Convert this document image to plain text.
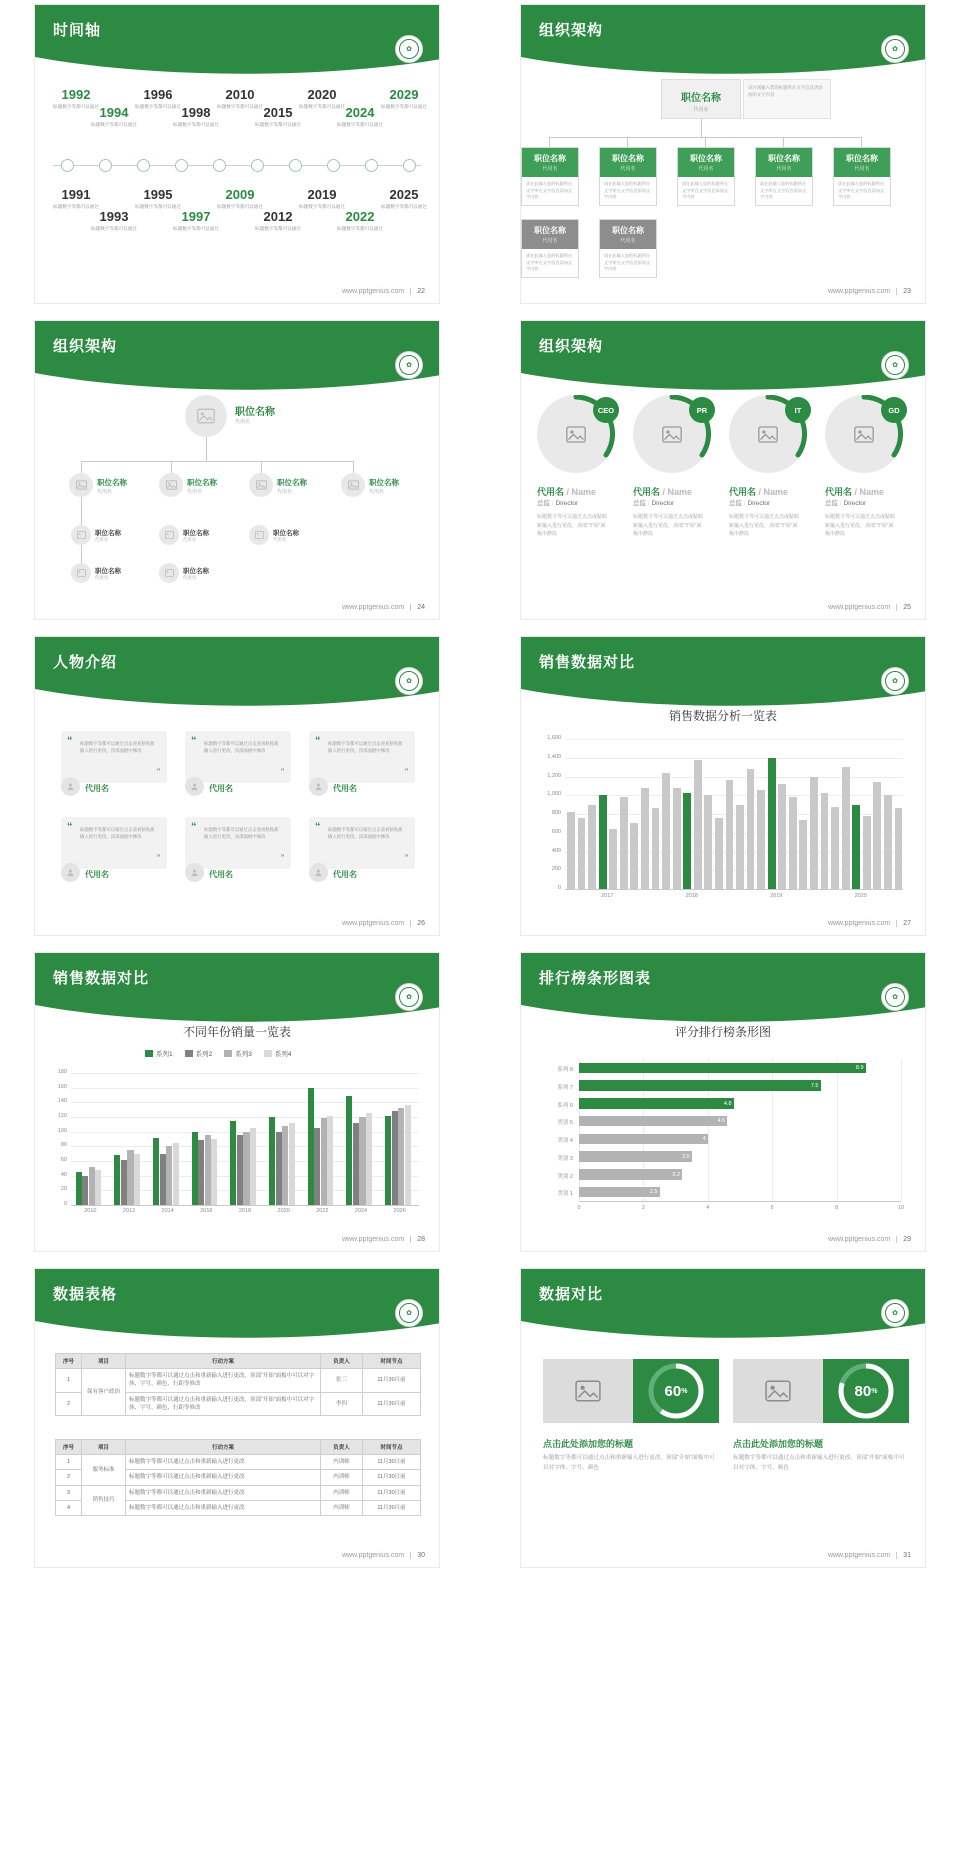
时间轴
✿
1992
标题数字等都可以通过 1994
标题数字等都可以通过
1996
标题数字等都可以通过 1998
标题数字等都可以通过
2010
标题数字等都可以通过 2015
标题数字等都可以通过
2020
标题数字等都可以通过 2024
标题数字等都可以通过
2029
标题数字等都可以通过
1991
标题数字等都可以通过
1993
标题数字等都可以通过
1995
标题数字等都可以通过
1997
标题数字等都可以通过
2009
标题数字等都可以通过
2012
标题数字等都可以通过
2019
标题数字等都可以通过
2022
标题数字等都可以通过
2025
标题数字等都可以通过
www.pptgenius.com	22
组织架构
✿
职位名称
代用名
该区域输入您的标题所在文字信息请添加的文字内容
职位名称
代用名
请在此输入您的标题所在文字所在文字信息添加文字内容
职位名称
代用名
请在此输入您的标题所在文字所在文字信息添加文字内容
职位名称
代用名
请在此输入您的标题所在文字所在文字信息添加文字内容
职位名称
代用名
请在此输入您的标题所在文字所在文字信息添加文字内容
职位名称
代用名
请在此输入您的标题所在文字所在文字信息添加文字内容
职位名称
代用名
请在此输入您的标题所在文字所在文字信息添加文字内容
职位名称
代用名
请在此输入您的标题所在文字所在文字信息添加文字内容
www.pptgenius.com	23
组织架构
✿
职位名称
代用名
职位名称
代用名
职位名称
代用名
职位名称
代用名
职位名称
代用名
职位名称
代用名
职位名称
代用名
职位名称
代用名
职位名称
代用名
职位名称
代用名
www.pptgenius.com	24
组织架构
✿
CEO
代用名 / Name
总监 / Director
标题数字等可以通过点击或粘贴新输入进行更改，顶部“开始”面板中修改
PR
代用名 / Name
总监 / Director
标题数字等可以通过点击或粘贴新输入进行更改，顶部“开始”面板中修改
IT
代用名 / Name
总监 / Director
标题数字等可以通过点击或粘贴新输入进行更改，顶部“开始”面板中修改
GD
代用名 / Name
总监 / Director
标题数字等可以通过点击或粘贴新输入进行更改，顶部“开始”面板中修改
www.pptgenius.com	25
人物介绍
✿
“	标题数字等都可以通过点击查看粘贴新输入进行更改，顶部面板中修改
”
代用名
“	标题数字等都可以通过点击查看粘贴新输入进行更改，顶部面板中修改
”
代用名
“	标题数字等都可以通过点击查看粘贴新输入进行更改，顶部面板中修改
”
代用名
“	标题数字等都可以通过点击查看粘贴新输入进行更改，顶部面板中修改
”
代用名
“	标题数字等都可以通过点击查看粘贴新输入进行更改，顶部面板中修改
”
代用名
“	标题数字等都可以通过点击查看粘贴新输入进行更改，顶部面板中修改
”
代用名
www.pptgenius.com	26
销售数据对比
✿
销售数据分析一览表
0
200
400
600
800
1,000
1,200
1,400
1,600
2017	2018	2019	2020
www.pptgenius.com	27
销售数据对比
✿
不同年份销量一览表
系列1	系列2	系列3	系列4
180
160
140
120
100
80
60
40
20
0
2010	2012	2014	2016	2018	2020	2022	2024	2026
www.pptgenius.com	28
排行榜条形图表
✿
评分排行榜条形图
0	2	4	6	8	10
8.9
系列 8
7.5
系列 7
4.8
系列 6
4.6
类别 5
4
类别 4
3.5
类别 3
3.2
类别 2
2.5
类别 1
www.pptgenius.com	29
数据表格
✿
序号	项目	行动方案	负责人	时间节点
1	保有客户政治	标题数字等都可以通过点击和重新输入进行更改，顶部“开始”面板中可以对字体、字号、颜色、行距等修改	张三	11月30日前
2		标题数字等都可以通过点击和重新输入进行更改，顶部“开始”面板中可以对字体、字号、颜色、行距等修改	李四	11月30日前
序号	项目	行动方案	负责人	时间节点
1	服务标准	标题数字等都可以通过点击和重新输入进行更改	内训师	11月30日前
2		标题数字等都可以通过点击和重新输入进行更改	内训师	11月30日前
3	销售技巧	标题数字等都可以通过点击和重新输入进行更改	内训师	11月30日前
4		标题数字等都可以通过点击和重新输入进行更改	内训师	11月30日前
www.pptgenius.com	30
数据对比
✿
60 %
点击此处添加您的标题
标题数字等都可以通过点击和重新输入进行更改，顶部“开始”面板中可以对字体、字号、颜色
80 %
点击此处添加您的标题
标题数字等都可以通过点击和重新输入进行更改，顶部“开始”面板中可以对字体、字号、颜色
www.pptgenius.com	31
